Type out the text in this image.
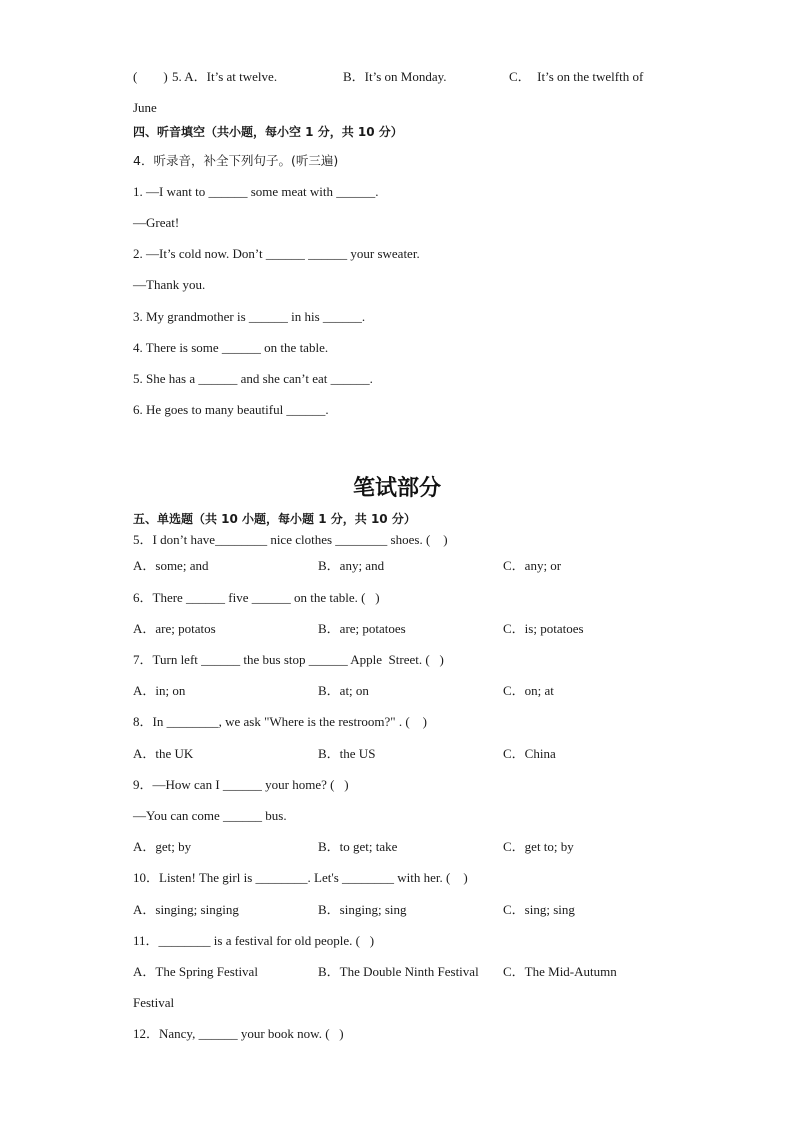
(        ) 5. A．It’s at twelve.	B．It’s on Monday.	C．  It’s on the twelfth of
June
四、听音填空（共小题，每小空 1 分，共 10 分）
4．听录音，补全下列句子。(听三遍)
1. —I want to ______ some meat with ______.
—Great!
2. —It’s cold now. Don’t ______ ______ your sweater.
—Thank you.
3. My grandmother is ______ in his ______.
4. There is some ______ on the table.
5. She has a ______ and she can’t eat ______.
6. He goes to many beautiful ______.
笔试部分
五、单选题（共 10 小题，每小题 1 分，共 10 分）
5．I don’t have________ nice clothes ________ shoes. (    )
A．some; and	B．any; and	C．any; or
6．There ______ five ______ on the table. (   )
A．are; potatos	B．are; potatoes	C．is; potatoes
7．Turn left ______ the bus stop ______ Apple  Street. (   )
A．in; on	B．at; on	C．on; at
8．In ________, we ask "Where is the restroom?" . (    )
A．the UK	B．the US	C．China
9．—How can I ______ your home? (   )
—You can come ______ bus.
A．get; by	B．to get; take	C．get to; by
10．Listen! The girl is ________. Let's ________ with her. (    )
A．singing; singing	B．singing; sing	C．sing; sing
11．________ is a festival for old people. (   )
A．The Spring Festival	B．The Double Ninth Festival C．The Mid-Autumn
Festival
12．Nancy, ______ your book now. (   )
